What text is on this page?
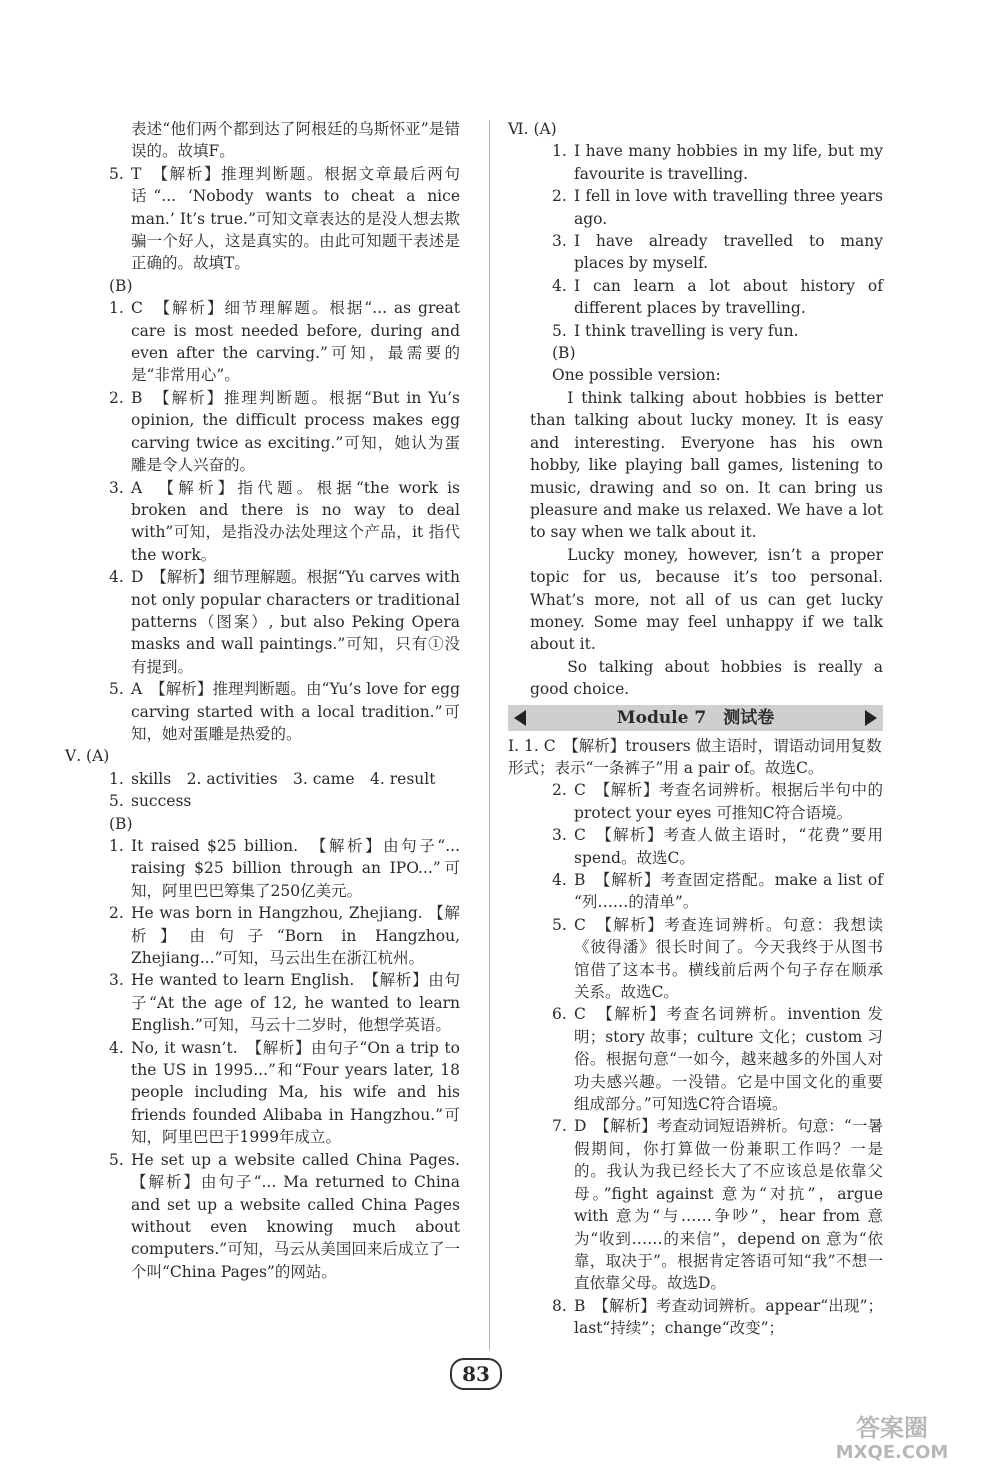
表述“他们两个都到达了阿根廷的乌斯怀亚”是错误的。故填F。
5. T　【解析】推理判断题。根据文章最后两句话“... ‘Nobody wants to cheat a nice man.’ It’s true.”可知文章表达的是没人想去欺骗一个好人，这是真实的。由此可知题干表述是正确的。故填T。
(B)
1. C　【解析】细节理解题。根据“... as great care is most needed before, during and even after the carving.”可知，最需要的是“非常用心”。
2. B　【解析】推理判断题。根据“But in Yu’s opinion, the difficult process makes egg carving twice as exciting.”可知，她认为蛋雕是令人兴奋的。
3. A　【解析】指代题。根据“the work is broken and there is no way to deal with”可知，是指没办法处理这个产品，it 指代 the work。
4. D　【解析】细节理解题。根据“Yu carves with not only popular characters or traditional patterns（图案）, but also Peking Opera masks and wall paintings.”可知，只有①没有提到。
5. A　【解析】推理判断题。由“Yu’s love for egg carving started with a local tradition.”可知，她对蛋雕是热爱的。
Ⅴ. (A)
1. skills　2. activities　3. came　4. result
5. success
(B)
1. It raised $25 billion.　【解析】由句子“... raising $25 billion through an IPO...”可知，阿里巴巴筹集了250亿美元。
2. He was born in Hangzhou, Zhejiang. 【解析】由句子“Born in Hangzhou, Zhejiang...”可知，马云出生在浙江杭州。
3. He wanted to learn English.　【解析】由句子“At the age of 12, he wanted to learn English.”可知，马云十二岁时，他想学英语。
4. No, it wasn’t.　【解析】由句子“On a trip to the US in 1995...”和“Four years later, 18 people including Ma, his wife and his friends founded Alibaba in Hangzhou.”可知，阿里巴巴于1999年成立。
5. He set up a website called China Pages. 【解析】由句子“... Ma returned to China and set up a website called China Pages without even knowing much about computers.”可知，马云从美国回来后成立了一个叫“China Pages”的网站。
Ⅵ. (A)
1. I have many hobbies in my life, but my favourite is travelling.
2. I fell in love with travelling three years ago.
3. I have already travelled to many places by myself.
4. I can learn a lot about history of different places by travelling.
5. I think travelling is very fun.
(B)
One possible version:
I think talking about hobbies is better than talking about lucky money. It is easy and interesting. Everyone has his own hobby, like playing ball games, listening to music, drawing and so on. It can bring us pleasure and make us relaxed. We have a lot to say when we talk about it.
Lucky money, however, isn’t a proper topic for us, because it’s too personal. What’s more, not all of us can get lucky money. Some may feel unhappy if we talk about it.
So talking about hobbies is really a good choice.
Module 7　测试卷
Ⅰ. 1. C　【解析】trousers 做主语时，谓语动词用复数形式；表示“一条裤子”用 a pair of。故选C。
2. C　【解析】考查名词辨析。根据后半句中的 protect your eyes 可推知C符合语境。
3. C　【解析】考查人做主语时，“花费”要用 spend。故选C。
4. B　【解析】考查固定搭配。make a list of “列……的清单”。
5. C　【解析】考查连词辨析。句意：我想读《彼得潘》很长时间了。今天我终于从图书馆借了这本书。横线前后两个句子存在顺承关系。故选C。
6. C　【解析】考查名词辨析。invention 发明；story 故事；culture 文化；custom 习俗。根据句意“一如今，越来越多的外国人对功夫感兴趣。一没错。它是中国文化的重要组成部分。”可知选C符合语境。
7. D　【解析】考查动词短语辨析。句意：“一暑假期间，你打算做一份兼职工作吗？一是的。我认为我已经长大了不应该总是依靠父母。”fight against 意为“对抗”，argue with 意为“与……争吵”，hear from 意为“收到……的来信”，depend on 意为“依靠，取决于”。根据肯定答语可知“我”不想一直依靠父母。故选D。
8. B　【解析】考查动词辨析。appear“出现”；last“持续”；change“改变”；
83
答案圈
MXQE.COM
